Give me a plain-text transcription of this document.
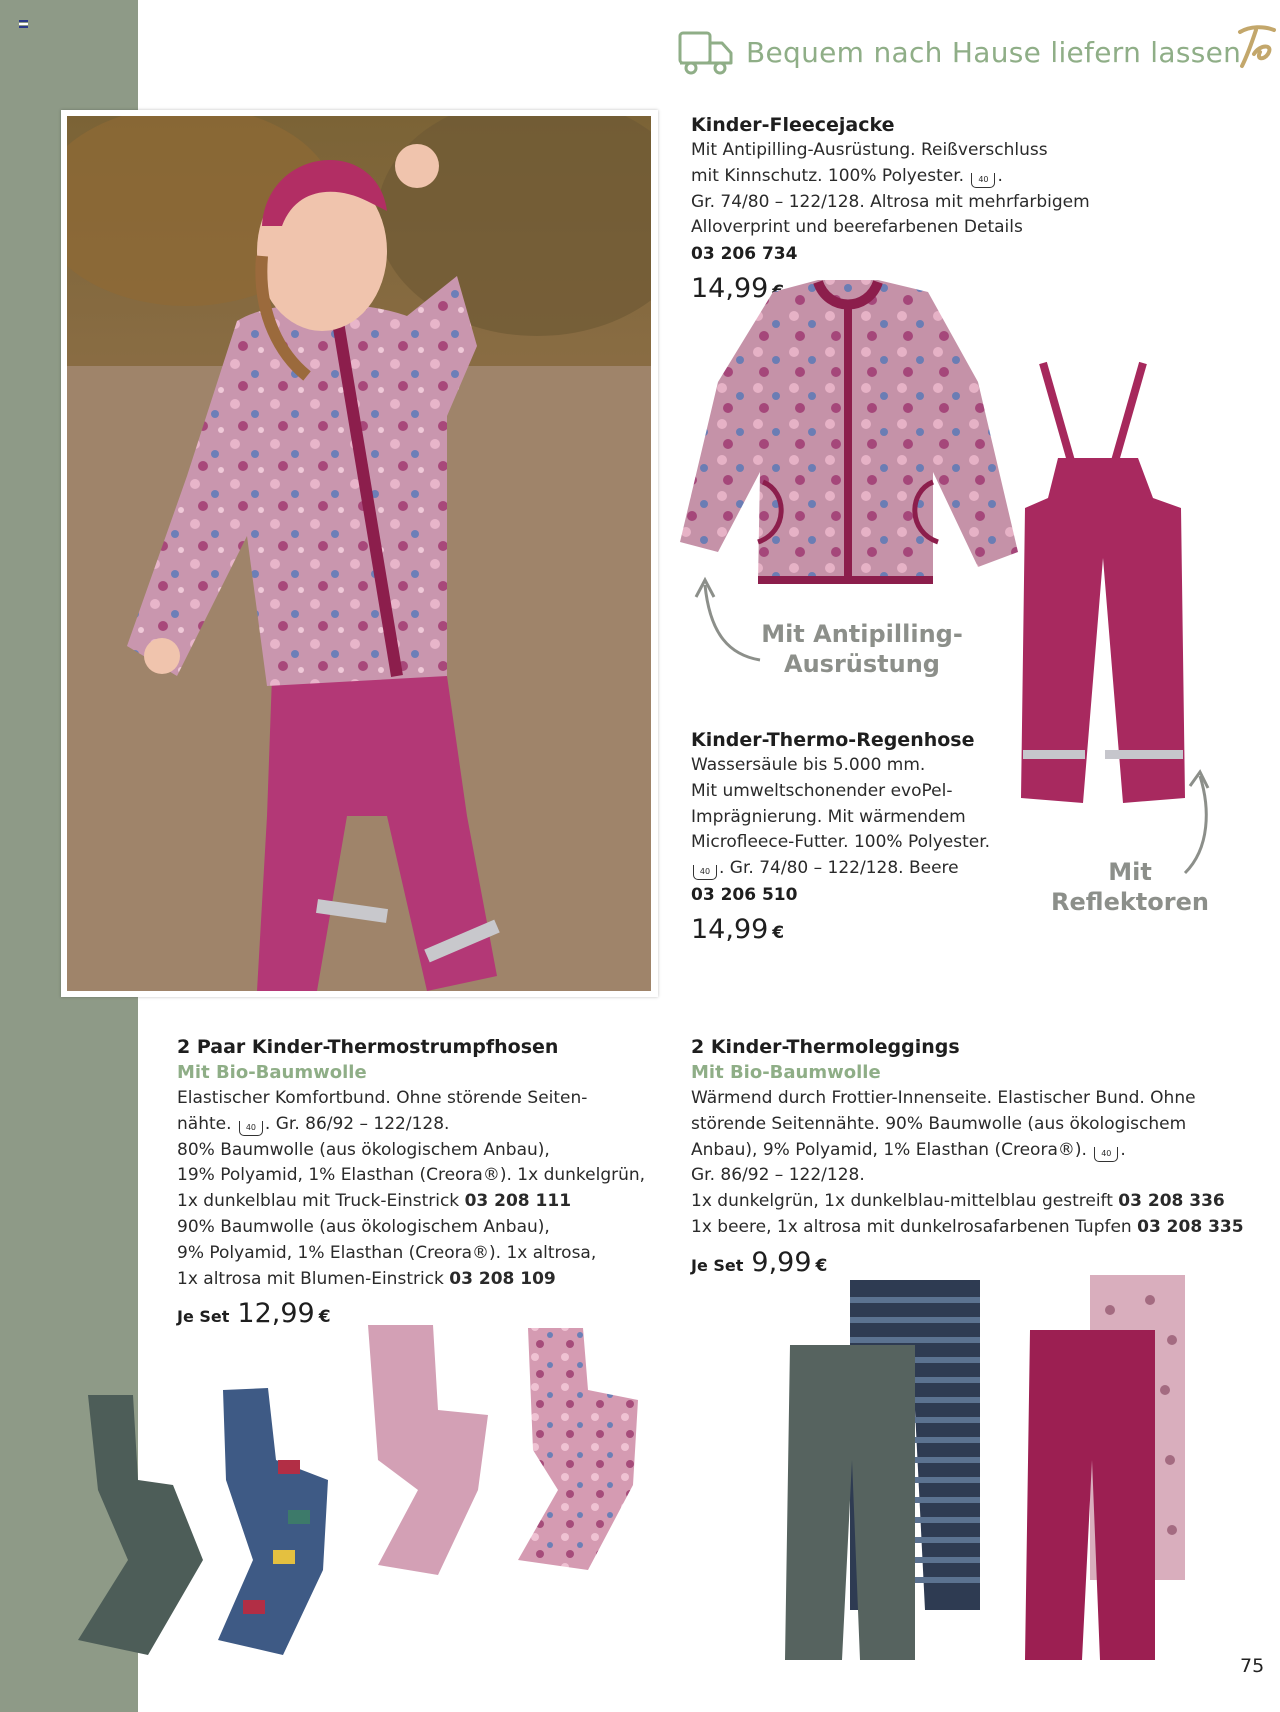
Bequem nach Hause liefern lassen
Kinder-Fleecejacke

Mit Antipilling-Ausrüstung. Reißverschluss

mit Kinnschutz. 100% Polyester. 40 .

Gr. 74/80 – 122/128. Altrosa mit mehrfarbigem

Alloverprint und beerefarbenen Details

03 206 734
14,99
Mit Antipilling-
Ausrüstung
Kinder-Thermo-Regenhose

Wassersäule bis 5.000 mm.

Mit umweltschonender evoPel-

Imprägnierung. Mit wärmendem

Microfleece-Futter. 100% Polyester.

40 . Gr. 74/80 – 122/128. Beere

03 206 510
14,99 €
Mit
Reflektoren
2 Paar Kinder-Thermostrumpfhosen
Mit Bio-Baumwolle

Elastischer Komfortbund. Ohne störende Seiten-

nähte. 40 . Gr. 86/92 – 122/128.

80% Baumwolle (aus ökologischem Anbau),

19% Polyamid, 1% Elasthan (Creora®). 1x dunkelgrün,

1x dunkelblau mit Truck-Einstrick 03 208 111

90% Baumwolle (aus ökologischem Anbau),

9% Polyamid, 1% Elasthan (Creora®). 1x altrosa,

1x altrosa mit Blumen-Einstrick 03 208 109

Je Set 12,99 €
2 Kinder-Thermoleggings
Mit Bio-Baumwolle

Wärmend durch Frottier-Innenseite. Elastischer Bund. Ohne

störende Seitennähte. 90% Baumwolle (aus ökologischem

Anbau), 9% Polyamid, 1% Elasthan (Creora®). 40 .

Gr. 86/92 – 122/128.

1x dunkelgrün, 1x dunkelblau-mittelblau gestreift 03 208 336

1x beere, 1x altrosa mit dunkelrosafarbenen Tupfen 03 208 335

Je Set 9,99 €
75
